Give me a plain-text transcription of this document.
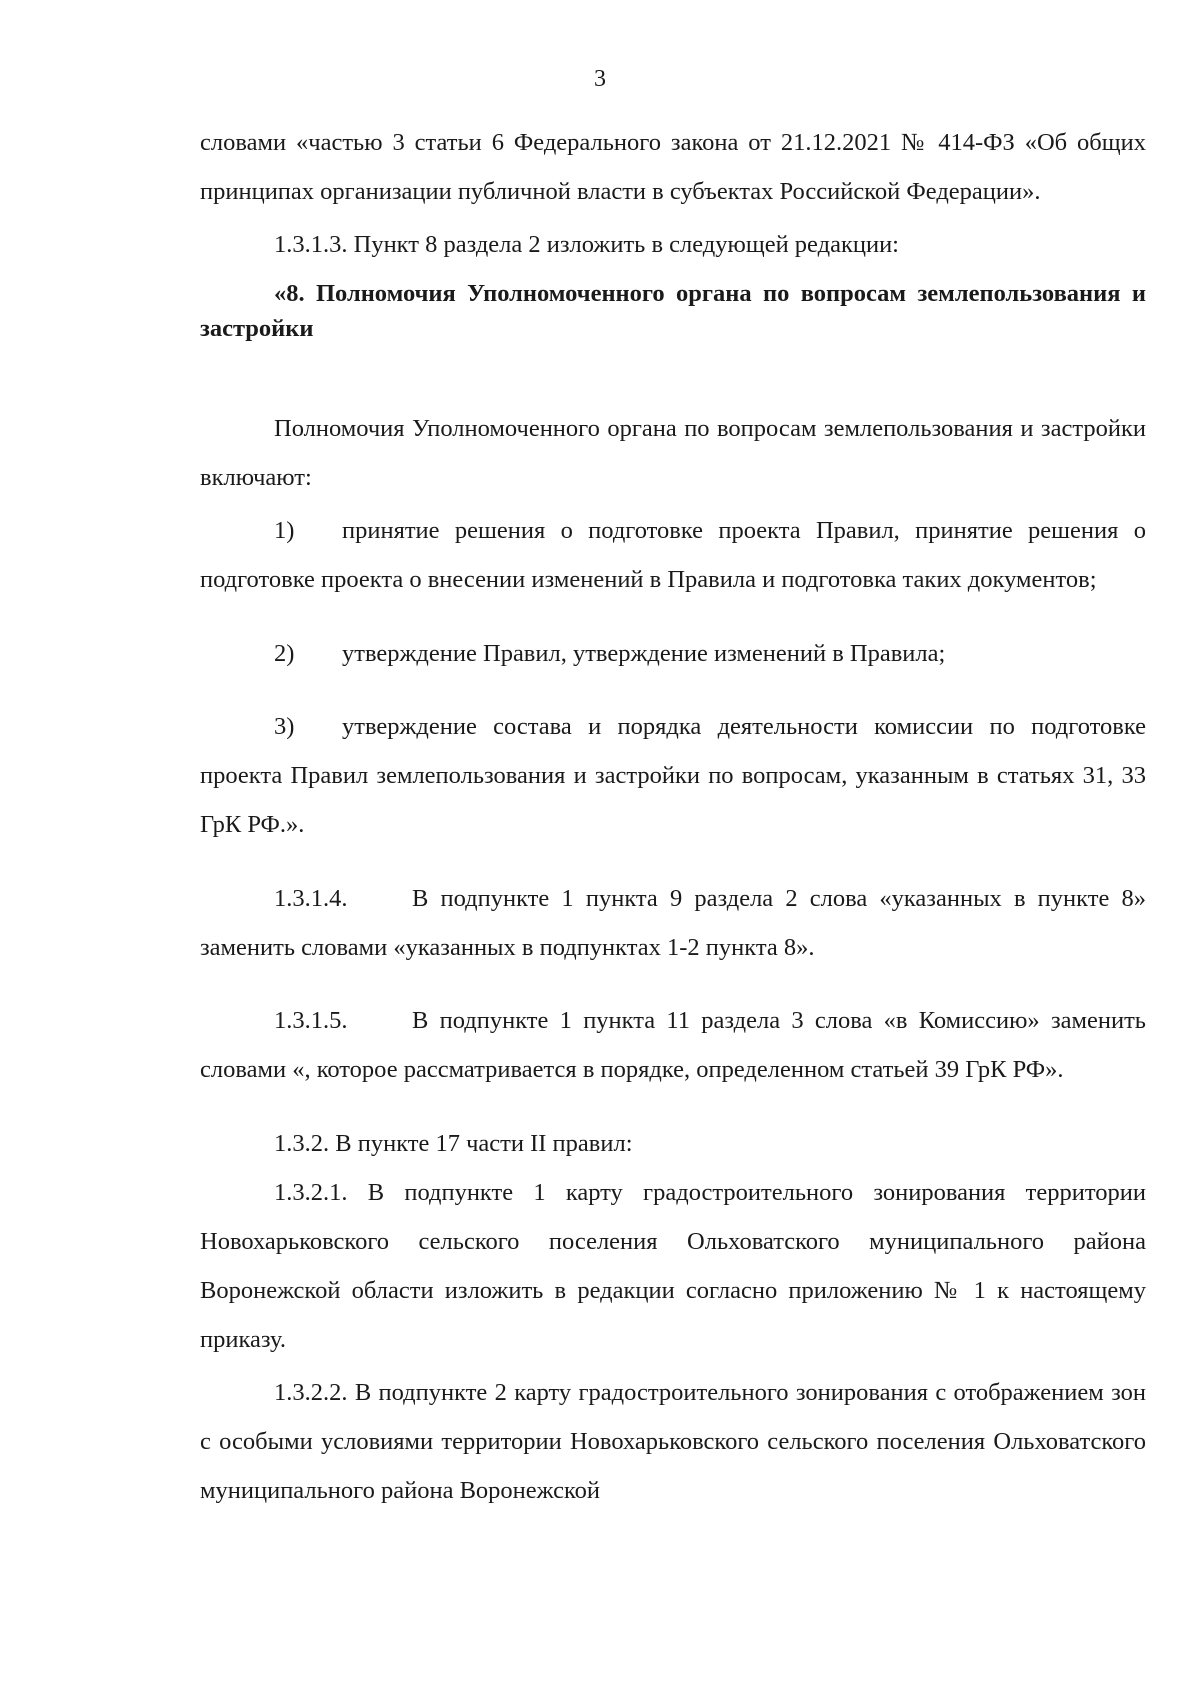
3

словами «частью 3 статьи 6 Федерального закона от 21.12.2021 № 414-ФЗ «Об общих принципах организации публичной власти в субъектах Российской Федерации».

1.3.1.3. Пункт 8 раздела 2 изложить в следующей редакции:

«8. Полномочия Уполномоченного органа по вопросам землепользования и застройки

Полномочия Уполномоченного органа по вопросам землепользования и застройки включают:

1) принятие решения о подготовке проекта Правил, принятие решения о подготовке проекта о внесении изменений в Правила и подготовка таких документов;

2) утверждение Правил, утверждение изменений в Правила;

3) утверждение состава и порядка деятельности комиссии по подготовке проекта Правил землепользования и застройки по вопросам, указанным в статьях 31, 33 ГрК РФ.».

1.3.1.4.	В подпункте 1 пункта 9 раздела 2 слова «указанных в пункте 8» заменить словами «указанных в подпунктах 1-2 пункта 8».

1.3.1.5.	В подпункте 1 пункта 11 раздела 3 слова «в Комиссию» заменить словами «, которое рассматривается в порядке, определенном статьей 39 ГрК РФ».

1.3.2. В пункте 17 части II правил:

1.3.2.1. В подпункте 1 карту градостроительного зонирования территории Новохарьковского сельского поселения Ольховатского муниципального района Воронежской области изложить в редакции согласно приложению № 1 к настоящему приказу.

1.3.2.2. В подпункте 2 карту градостроительного зонирования с отображением зон с особыми условиями территории Новохарьковского сельского поселения Ольховатского муниципального района Воронежской
